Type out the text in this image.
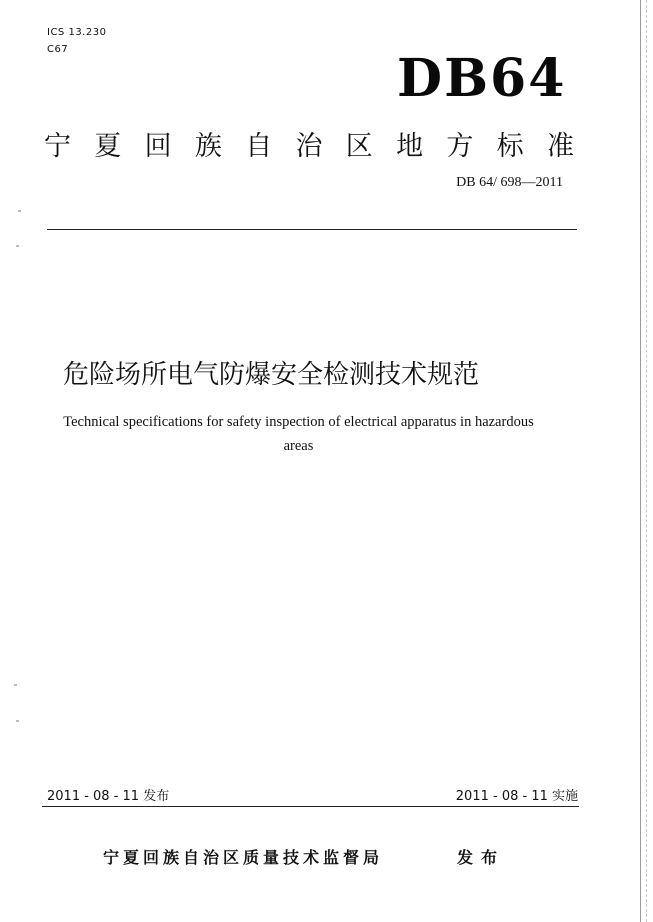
ICS 13.230
C67	DB64
宁 夏 回 族 自 治 区 地 方 标 准
DB 64/ 698—2011
危险场所电气防爆安全检测技术规范
Technical specifications for safety inspection of electrical apparatus in hazardous
areas
2011 - 08 - 11 发布	2011 - 08 - 11 实施
宁夏回族自治区质量技术监督局	发布
